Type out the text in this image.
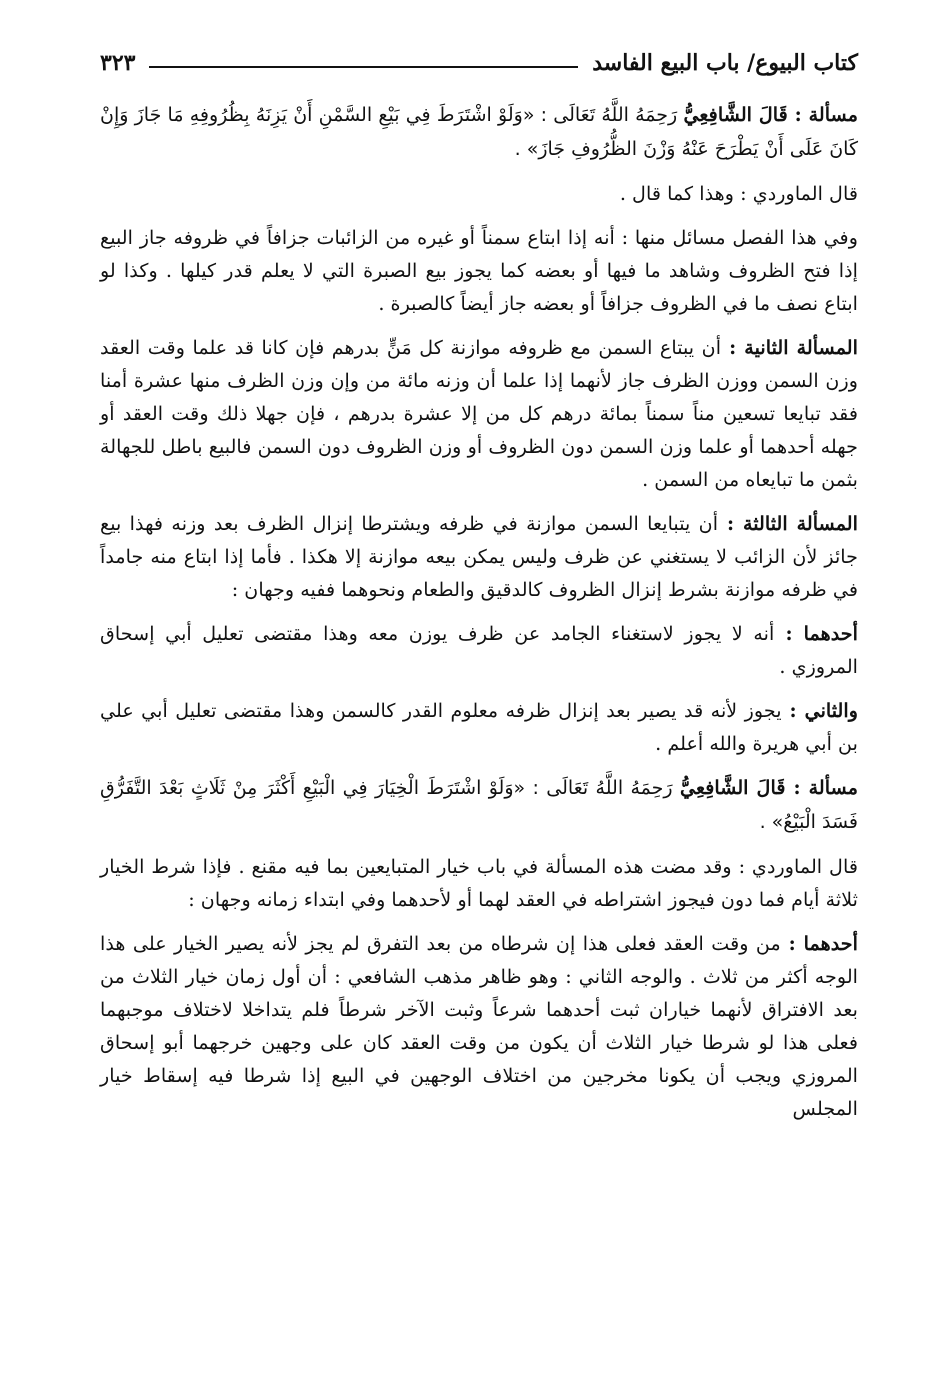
كتاب البيوع/ باب البيع الفاسد
٣٢٣

مسألة : قَالَ الشَّافِعِيُّ رَحِمَهُ اللَّهُ تَعَالَى : «وَلَوْ اشْتَرَطَ فِي بَيْعِ السَّمْنِ أَنْ يَزِنَهُ بِظُرُوفِهِ مَا جَازَ وَإِنْ كَانَ عَلَى أَنْ يَطْرَحَ عَنْهُ وَزْنَ الظُّرُوفِ جَازَ» .

قال الماوردي : وهذا كما قال .

وفي هذا الفصل مسائل منها : أنه إذا ابتاع سمناً أو غيره من الزائبات جزافاً في ظروفه جاز البيع إذا فتح الظروف وشاهد ما فيها أو بعضه كما يجوز بيع الصبرة التي لا يعلم قدر كيلها . وكذا لو ابتاع نصف ما في الظروف جزافاً أو بعضه جاز أيضاً كالصبرة .

المسألة الثانية : أن يبتاع السمن مع ظروفه موازنة كل مَنٍّ بدرهم فإن كانا قد علما وقت العقد وزن السمن ووزن الظرف جاز لأنهما إذا علما أن وزنه مائة من وإن وزن الظرف منها عشرة أمنا فقد تبايعا تسعين مناً سمناً بمائة درهم كل من إلا عشرة بدرهم ، فإن جهلا ذلك وقت العقد أو جهله أحدهما أو علما وزن السمن دون الظروف أو وزن الظروف دون السمن فالبيع باطل للجهالة بثمن ما تبايعاه من السمن .

المسألة الثالثة : أن يتبايعا السمن موازنة في ظرفه ويشترطا إنزال الظرف بعد وزنه فهذا بيع جائز لأن الزائب لا يستغني عن ظرف وليس يمكن بيعه موازنة إلا هكذا . فأما إذا ابتاع منه جامداً في ظرفه موازنة بشرط إنزال الظروف كالدقيق والطعام ونحوهما ففيه وجهان :

أحدهما : أنه لا يجوز لاستغناء الجامد عن ظرف يوزن معه وهذا مقتضى تعليل أبي إسحاق المروزي .

والثاني : يجوز لأنه قد يصير بعد إنزال ظرفه معلوم القدر كالسمن وهذا مقتضى تعليل أبي علي بن أبي هريرة والله أعلم .

مسألة : قَالَ الشَّافِعِيُّ رَحِمَهُ اللَّهُ تَعَالَى : «وَلَوْ اشْتَرَطَ الْخِيَارَ فِي الْبَيْعِ أَكْثَرَ مِنْ ثَلَاثٍ بَعْدَ التَّفَرُّقِ فَسَدَ الْبَيْعُ» .

قال الماوردي : وقد مضت هذه المسألة في باب خيار المتبايعين بما فيه مقنع . فإذا شرط الخيار ثلاثة أيام فما دون فيجوز اشتراطه في العقد لهما أو لأحدهما وفي ابتداء زمانه وجهان :

أحدهما : من وقت العقد فعلى هذا إن شرطاه من بعد التفرق لم يجز لأنه يصير الخيار على هذا الوجه أكثر من ثلاث . والوجه الثاني : وهو ظاهر مذهب الشافعي : أن أول زمان خيار الثلاث من بعد الافتراق لأنهما خياران ثبت أحدهما شرعاً وثبت الآخر شرطاً فلم يتداخلا لاختلاف موجبهما فعلى هذا لو شرطا خيار الثلاث أن يكون من وقت العقد كان على وجهين خرجهما أبو إسحاق المروزي ويجب أن يكونا مخرجين من اختلاف الوجهين في البيع إذا شرطا فيه إسقاط خيار المجلس
